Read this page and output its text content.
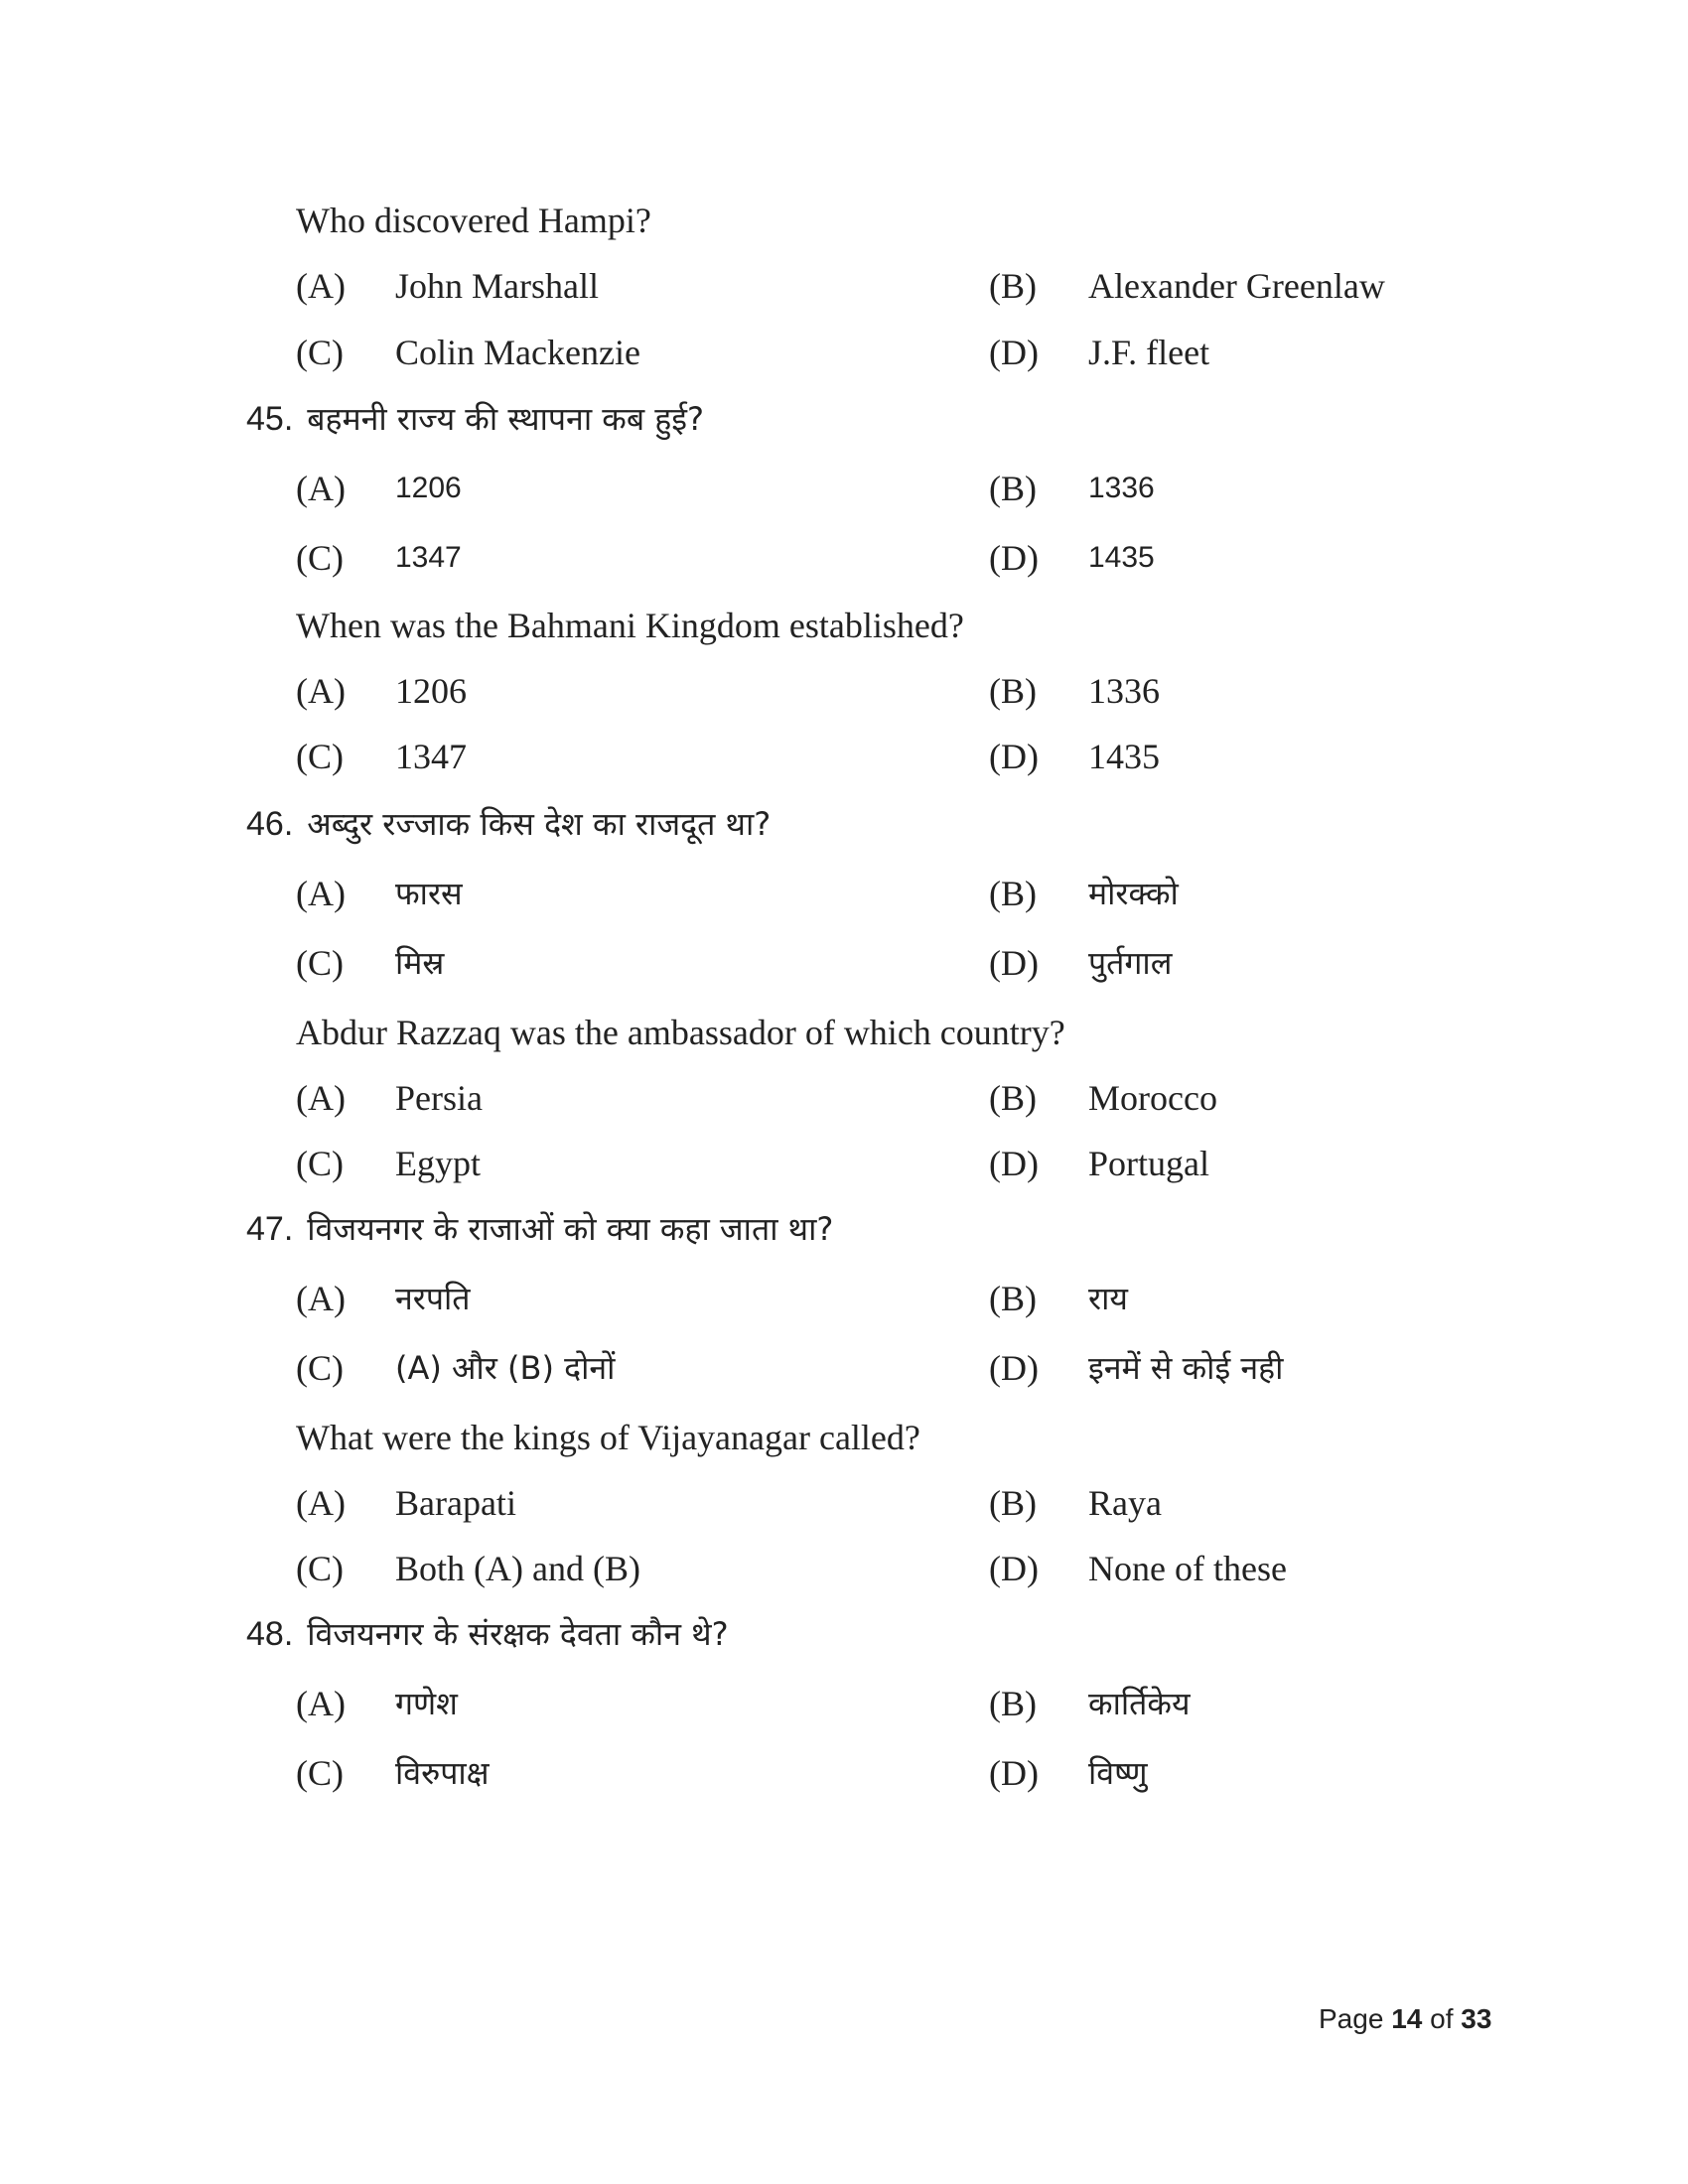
Who discovered Hampi?
(A) John Marshall	(B) Alexander Greenlaw
(C) Colin Mackenzie	(D) J.F. fleet
45. बहमनी राज्य की स्थापना कब हुई?
(A) 1206	(B) 1336
(C) 1347	(D) 1435
When was the Bahmani Kingdom established?
(A) 1206	(B) 1336
(C) 1347	(D) 1435
46. अब्दुर रज्जाक किस देश का राजदूत था?
(A) फारस	(B) मोरक्को
(C) मिस्र	(D) पुर्तगाल
Abdur Razzaq was the ambassador of which country?
(A) Persia	(B) Morocco
(C) Egypt	(D) Portugal
47. विजयनगर के राजाओं को क्या कहा जाता था?
(A) नरपति	(B) राय
(C) (A) और (B) दोनों	(D) इनमें से कोई नही
What were the kings of Vijayanagar called?
(A) Barapati	(B) Raya
(C) Both (A) and (B)	(D) None of these
48. विजयनगर के संरक्षक देवता कौन थे?
(A) गणेश	(B) कार्तिकेय
(C) विरुपाक्ष	(D) विष्णु
Page 14 of 33
